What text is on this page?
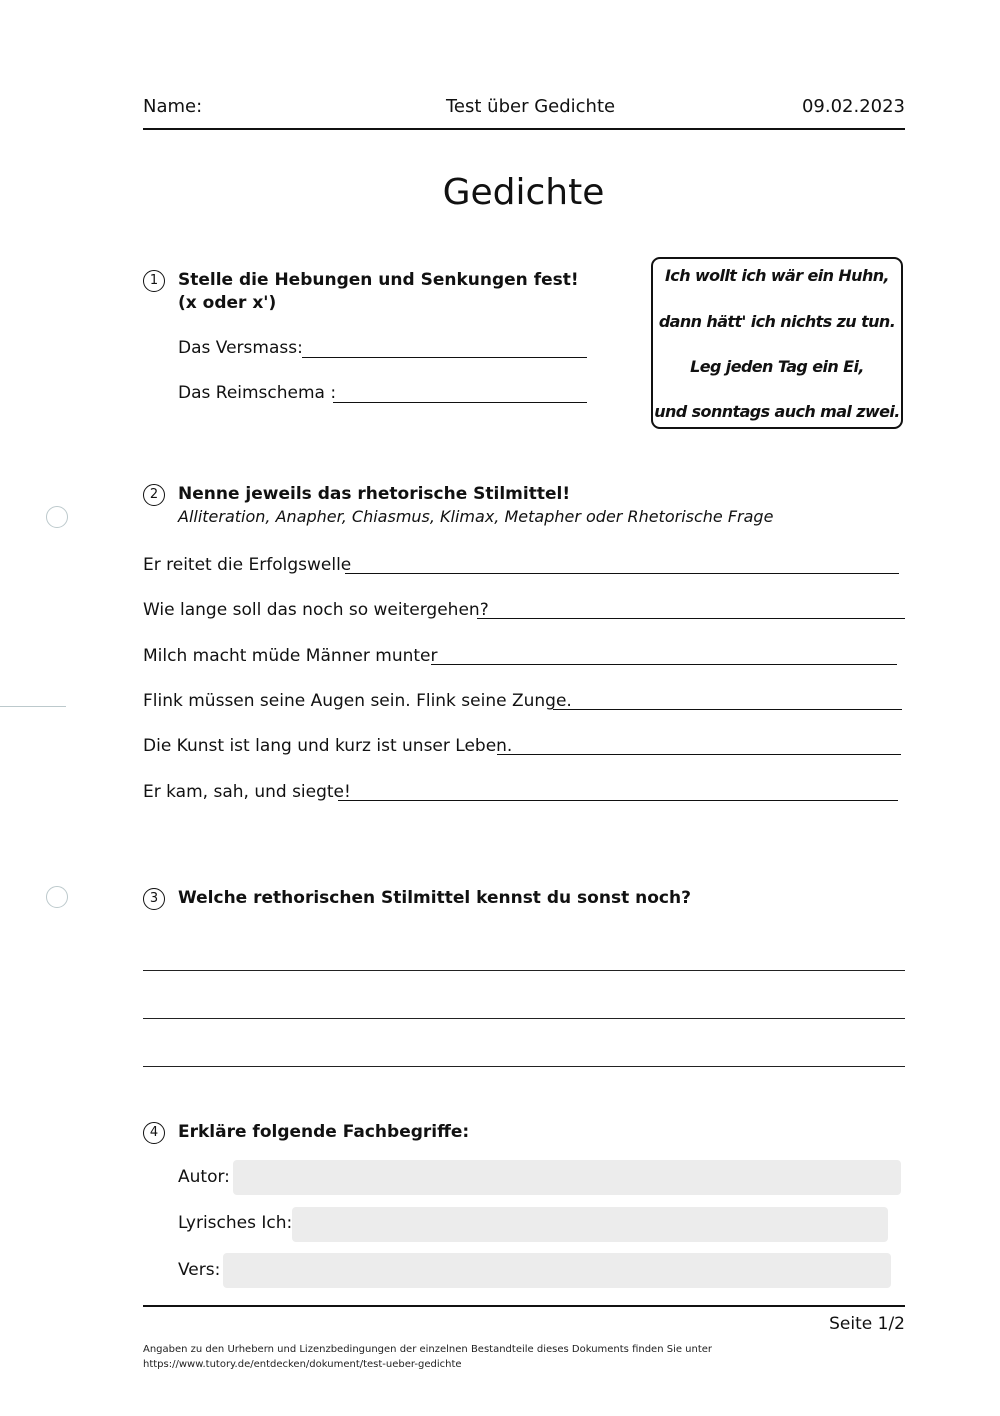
Name:	Test über Gedichte	09.02.2023
Gedichte
1	Stelle die Hebungen und Senkungen fest!
(x oder x')
Das Versmass:
Das Reimschema :
Ich wollt ich wär ein Huhn,
dann hätt' ich nichts zu tun.
Leg jeden Tag ein Ei,
und sonntags auch mal zwei.
2	Nenne jeweils das rhetorische Stilmittel!
Alliteration, Anapher, Chiasmus, Klimax, Metapher oder Rhetorische Frage
Er reitet die Erfolgswelle
Wie lange soll das noch so weitergehen?
Milch macht müde Männer munter
Flink müssen seine Augen sein. Flink seine Zunge.
Die Kunst ist lang und kurz ist unser Leben.
Er kam, sah, und siegte!
3	Welche rethorischen Stilmittel kennst du sonst noch?
4	Erkläre folgende Fachbegriffe:
Autor:
Lyrisches Ich:
Vers:
Seite 1/2
Angaben zu den Urhebern und Lizenzbedingungen der einzelnen Bestandteile dieses Dokuments finden Sie unter
https://www.tutory.de/entdecken/dokument/test-ueber-gedichte
